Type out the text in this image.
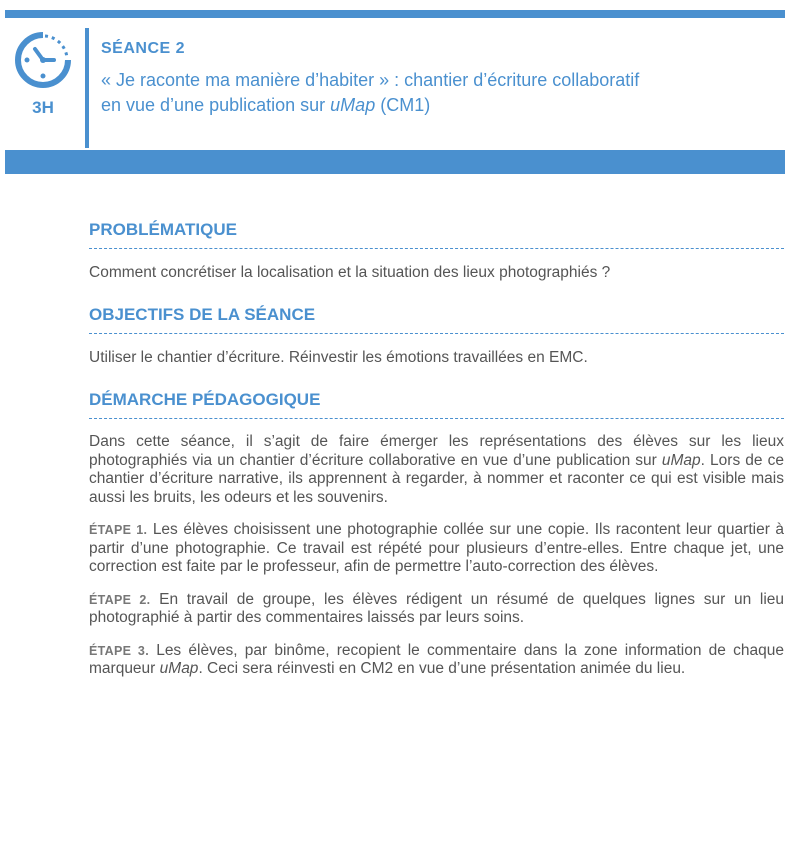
3H
SÉANCE 2
« Je raconte ma manière d’habiter » : chantier d’écriture collaboratif
en vue d’une publication sur uMap (CM1)
PROBLÉMATIQUE

Comment concrétiser la localisation et la situation des lieux photographiés ?

OBJECTIFS DE LA SÉANCE

Utiliser le chantier d’écriture. Réinvestir les émotions travaillées en EMC.

DÉMARCHE PÉDAGOGIQUE

Dans cette séance, il s’agit de faire émerger les représentations des élèves sur les lieux photographiés via un chantier d’écriture collaborative en vue d’une publication sur uMap. Lors de ce chantier d’écriture narrative, ils apprennent à regarder, à nommer et raconter ce qui est visible mais aussi les bruits, les odeurs et les souvenirs.

ÉTAPE 1. Les élèves choisissent une photographie collée sur une copie. Ils racontent leur quartier à partir d’une photographie. Ce travail est répété pour plusieurs d’entre-elles. Entre chaque jet, une correction est faite par le professeur, afin de permettre l’auto-correction des élèves.

ÉTAPE 2. En travail de groupe, les élèves rédigent un résumé de quelques lignes sur un lieu photographié à partir des commentaires laissés par leurs soins.

ÉTAPE 3. Les élèves, par binôme, recopient le commentaire dans la zone information de chaque marqueur uMap. Ceci sera réinvesti en CM2 en vue d’une présentation animée du lieu.
